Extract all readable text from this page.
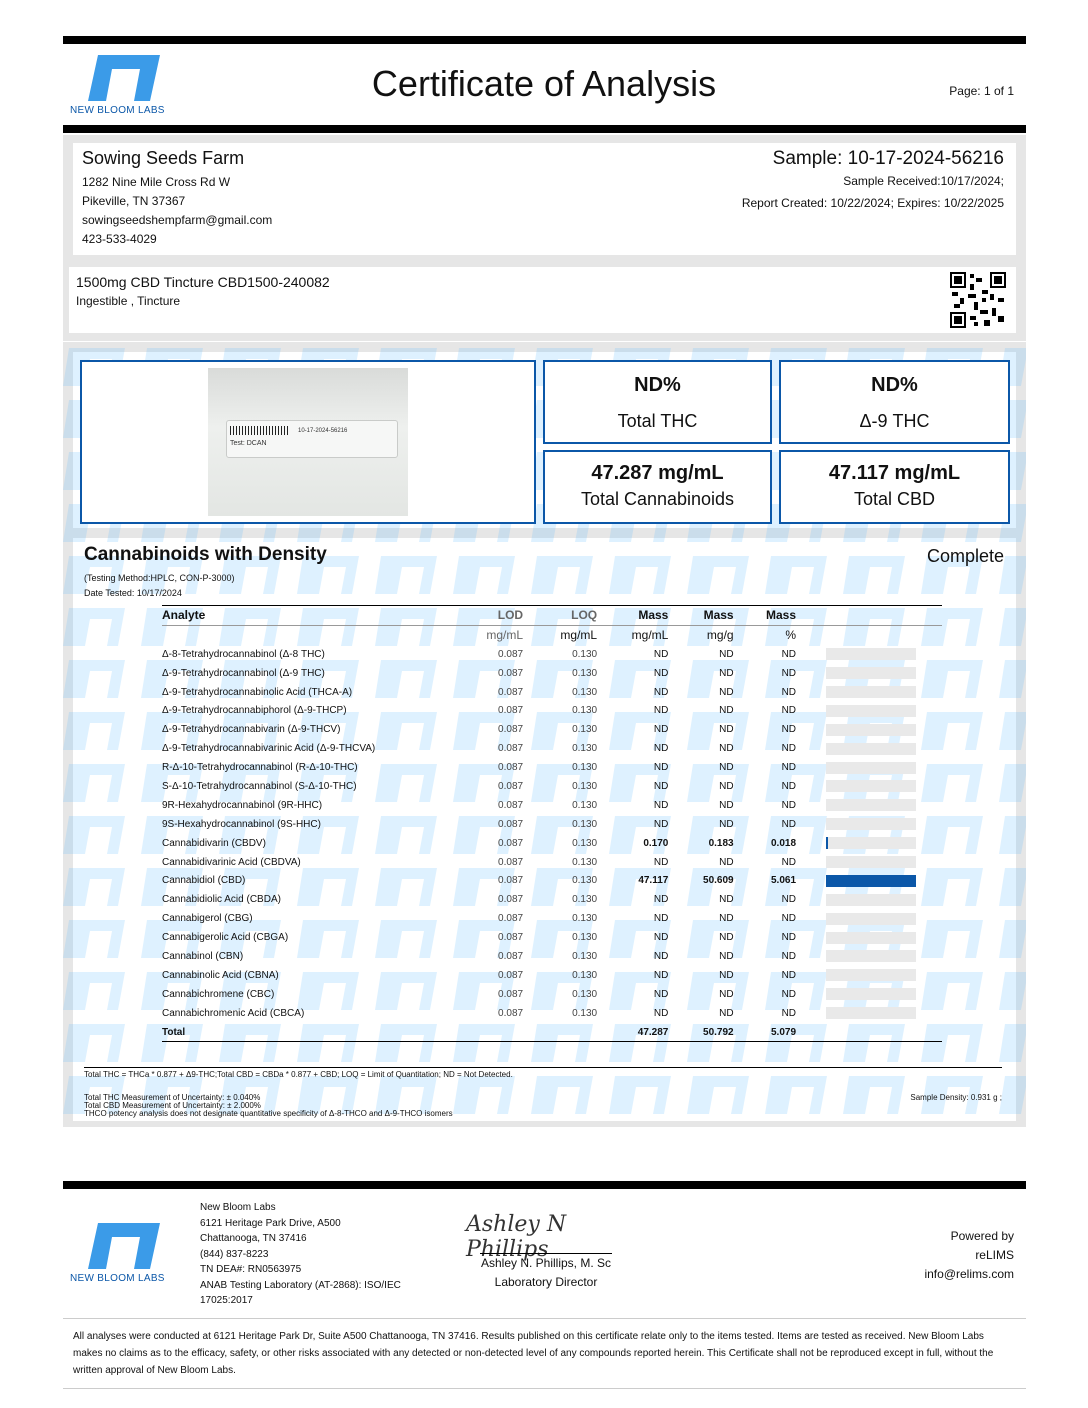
NEW BLOOM LABS
Certificate of Analysis	Page: 1 of 1
Sowing Seeds Farm
1282 Nine Mile Cross Rd W
Pikeville, TN 37367
sowingseedshempfarm@gmail.com
423-533-4029
Sample: 10-17-2024-56216
Sample Received:10/17/2024;
Report Created: 10/22/2024; Expires: 10/22/2025
1500mg CBD Tincture CBD1500-240082
Ingestible , Tincture
Test: DCAN
10-17-2024-56216
ND%
Total THC
ND%
Δ-9 THC
47.287 mg/mL
Total Cannabinoids
47.117 mg/mL
Total CBD
Cannabinoids with Density	Complete
(Testing Method:HPLC, CON-P-3000)
Date Tested: 10/17/2024
Analyte	LOD	LOQ	Mass	Mass	Mass	
	mg/mL	mg/mL	mg/mL	mg/g	%	
Δ-8-Tetrahydrocannabinol (Δ-8 THC)	0.087	0.130	ND	ND	ND	

Δ-9-Tetrahydrocannabinol (Δ-9 THC)	0.087	0.130	ND	ND	ND	

Δ-9-Tetrahydrocannabinolic Acid (THCA-A)	0.087	0.130	ND	ND	ND	

Δ-9-Tetrahydrocannabiphorol (Δ-9-THCP)	0.087	0.130	ND	ND	ND	

Δ-9-Tetrahydrocannabivarin (Δ-9-THCV)	0.087	0.130	ND	ND	ND	

Δ-9-Tetrahydrocannabivarinic Acid (Δ-9-THCVA)	0.087	0.130	ND	ND	ND	

R-Δ-10-Tetrahydrocannabinol (R-Δ-10-THC)	0.087	0.130	ND	ND	ND	

S-Δ-10-Tetrahydrocannabinol (S-Δ-10-THC)	0.087	0.130	ND	ND	ND	

9R-Hexahydrocannabinol (9R-HHC)	0.087	0.130	ND	ND	ND	

9S-Hexahydrocannabinol (9S-HHC)	0.087	0.130	ND	ND	ND	

Cannabidivarin (CBDV)	0.087	0.130	0.170	0.183	0.018	

Cannabidivarinic Acid (CBDVA)	0.087	0.130	ND	ND	ND	

Cannabidiol (CBD)	0.087	0.130	47.117	50.609	5.061	

Cannabidiolic Acid (CBDA)	0.087	0.130	ND	ND	ND	

Cannabigerol (CBG)	0.087	0.130	ND	ND	ND	

Cannabigerolic Acid (CBGA)	0.087	0.130	ND	ND	ND	

Cannabinol (CBN)	0.087	0.130	ND	ND	ND	

Cannabinolic Acid (CBNA)	0.087	0.130	ND	ND	ND	

Cannabichromene (CBC)	0.087	0.130	ND	ND	ND	

Cannabichromenic Acid (CBCA)	0.087	0.130	ND	ND	ND	

Total			47.287	50.792	5.079	
Total THC = THCa * 0.877 + Δ9-THC;Total CBD = CBDa * 0.877 + CBD; LOQ = Limit of Quantitation; ND = Not Detected.
Total THC Measurement of Uncertainty: ± 0.040%
Total CBD Measurement of Uncertainty: ± 2.000%
THCO potency analysis does not designate quantitative specificity of Δ-8-THCO and Δ-9-THCO isomers
Sample Density: 0.931 g ;
NEW BLOOM LABS
New Bloom Labs
6121 Heritage Park Drive, A500
Chattanooga, TN 37416
(844) 837-8223
TN DEA#: RN0563975
ANAB Testing Laboratory (AT-2868): ISO/IEC
17025:2017
Ashley N Phillips
Ashley N. Phillips, M. Sc
Laboratory Director
Powered by
reLIMS
info@relims.com
All analyses were conducted at 6121 Heritage Park Dr, Suite A500 Chattanooga, TN 37416. Results published on this certificate relate only to the items tested. Items are tested as received. New Bloom Labs makes no claims as to the efficacy, safety, or other risks associated with any detected or non-detected level of any compounds reported herein. This Certificate shall not be reproduced except in full, without the written approval of New Bloom Labs.
